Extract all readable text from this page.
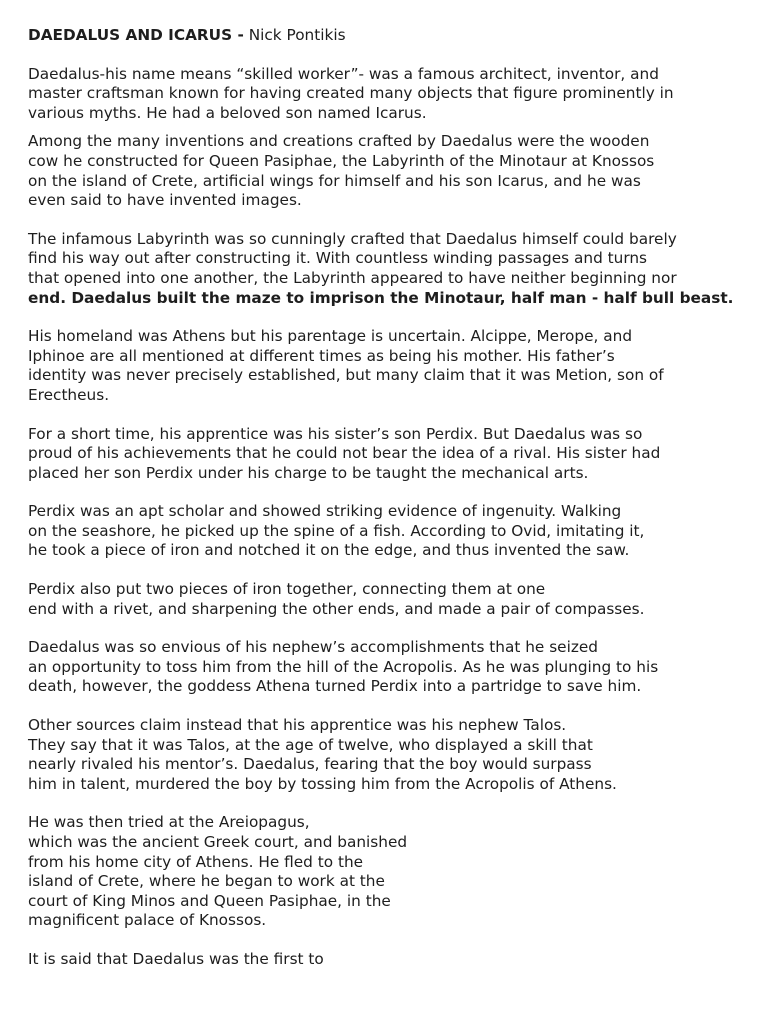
DAEDALUS AND ICARUS - Nick Pontikis
Daedalus-his name means “skilled worker”- was a famous architect, inventor, and
master craftsman known for having created many objects that figure prominently in
various myths. He had a beloved son named Icarus.
Among the many inventions and creations crafted by Daedalus were the wooden
cow he constructed for Queen Pasiphae, the Labyrinth of the Minotaur at Knossos
on the island of Crete, artificial wings for himself and his son Icarus, and he was
even said to have invented images.
The infamous Labyrinth was so cunningly crafted that Daedalus himself could barely
find his way out after constructing it. With countless winding passages and turns
that opened into one another, the Labyrinth appeared to have neither beginning nor
end. Daedalus built the maze to imprison the Minotaur, half man - half bull beast.
His homeland was Athens but his parentage is uncertain. Alcippe, Merope, and
Iphinoe are all mentioned at different times as being his mother. His father’s
identity was never precisely established, but many claim that it was Metion, son of
Erectheus.
For a short time, his apprentice was his sister’s son Perdix. But Daedalus was so
proud of his achievements that he could not bear the idea of a rival. His sister had
placed her son Perdix under his charge to be taught the mechanical arts.
Perdix was an apt scholar and showed striking evidence of ingenuity. Walking
on the seashore, he picked up the spine of a fish. According to Ovid, imitating it,
he took a piece of iron and notched it on the edge, and thus invented the saw.
Perdix also put two pieces of iron together, connecting them at one
end with a rivet, and sharpening the other ends, and made a pair of compasses.
Daedalus was so envious of his nephew’s accomplishments that he seized
an opportunity to toss him from the hill of the Acropolis. As he was plunging to his
death, however, the goddess Athena turned Perdix into a partridge to save him.
Other sources claim instead that his apprentice was his nephew Talos.
They say that it was Talos, at the age of twelve, who displayed a skill that
nearly rivaled his mentor’s. Daedalus, fearing that the boy would surpass
him in talent, murdered the boy by tossing him from the Acropolis of Athens.
He was then tried at the Areiopagus,
which was the ancient Greek court, and banished
from his home city of Athens. He fled to the
island of Crete, where he began to work at the
court of King Minos and Queen Pasiphae, in the
magnificent palace of Knossos.
It is said that Daedalus was the first to
